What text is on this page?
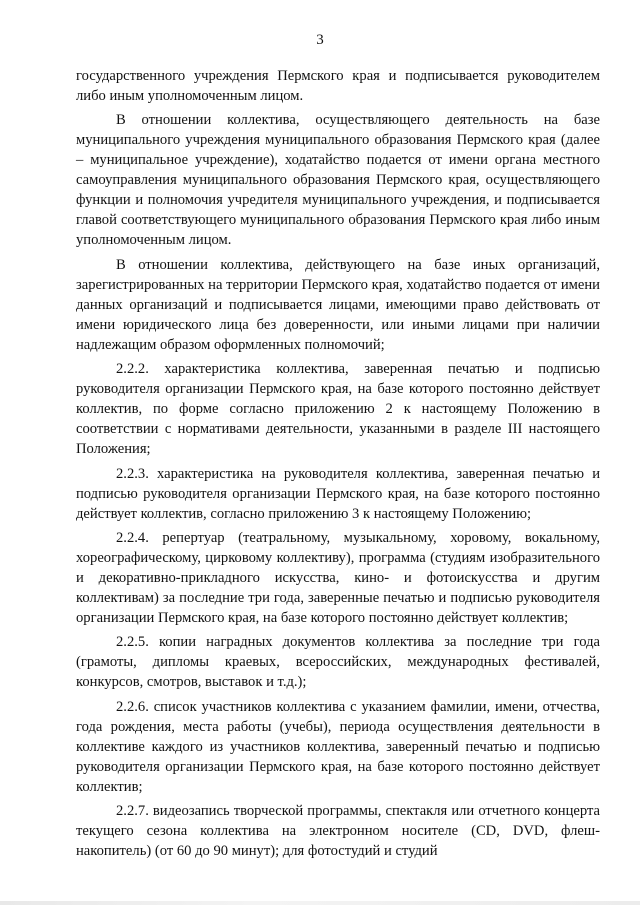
3

государственного учреждения Пермского края и подписывается руководителем либо иным уполномоченным лицом.

В отношении коллектива, осуществляющего деятельность на базе муниципального учреждения муниципального образования Пермского края (далее – муниципальное учреждение), ходатайство подается от имени органа местного самоуправления муниципального образования Пермского края, осуществляющего функции и полномочия учредителя муниципального учреждения, и подписывается главой соответствующего муниципального образования Пермского края либо иным уполномоченным лицом.

В отношении коллектива, действующего на базе иных организаций, зарегистрированных на территории Пермского края, ходатайство подается от имени данных организаций и подписывается лицами, имеющими право действовать от имени юридического лица без доверенности, или иными лицами при наличии надлежащим образом оформленных полномочий;

2.2.2. характеристика коллектива, заверенная печатью и подписью руководителя организации Пермского края, на базе которого постоянно действует коллектив, по форме согласно приложению 2 к настоящему Положению в соответствии с нормативами деятельности, указанными в разделе III настоящего Положения;

2.2.3. характеристика на руководителя коллектива, заверенная печатью и подписью руководителя организации Пермского края, на базе которого постоянно действует коллектив, согласно приложению 3 к настоящему Положению;

2.2.4. репертуар (театральному, музыкальному, хоровому, вокальному, хореографическому, цирковому коллективу), программа (студиям изобразительного и декоративно-прикладного искусства, кино- и фотоискусства и другим коллективам) за последние три года, заверенные печатью и подписью руководителя организации Пермского края, на базе которого постоянно действует коллектив;

2.2.5. копии наградных документов коллектива за последние три года (грамоты, дипломы краевых, всероссийских, международных фестивалей, конкурсов, смотров, выставок и т.д.);

2.2.6. список участников коллектива с указанием фамилии, имени, отчества, года рождения, места работы (учебы), периода осуществления деятельности в коллективе каждого из участников коллектива, заверенный печатью и подписью руководителя организации Пермского края, на базе которого постоянно действует коллектив;

2.2.7. видеозапись творческой программы, спектакля или отчетного концерта текущего сезона коллектива на электронном носителе (CD, DVD, флеш-накопитель) (от 60 до 90 минут); для фотостудий и студий
